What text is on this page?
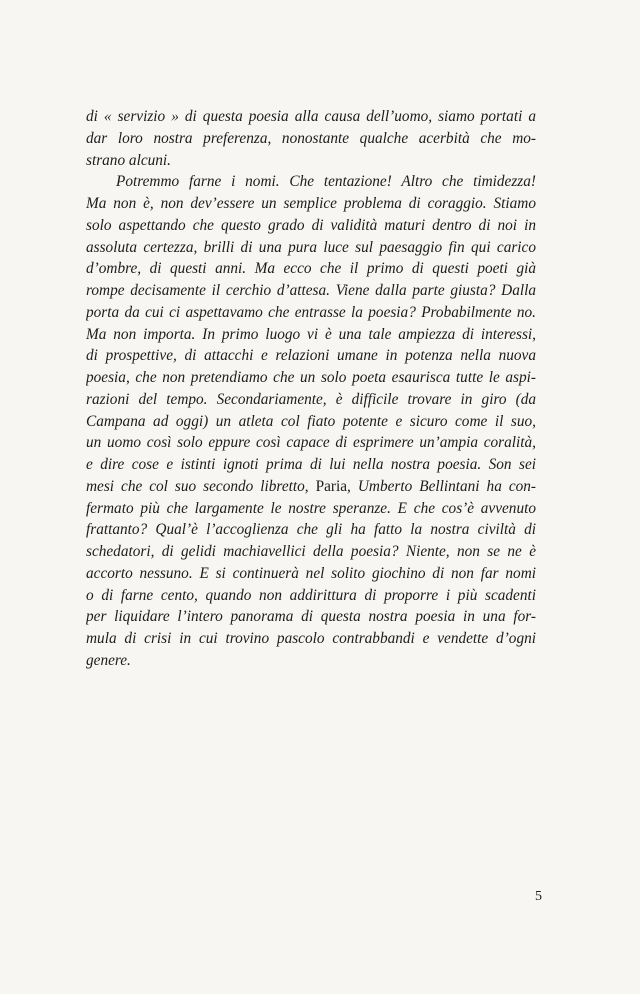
di « servizio » di questa poesia alla causa dell’uomo, siamo portati a
dar loro nostra preferenza, nonostante qualche acerbità che mo-
strano alcuni.
Potremmo farne i nomi. Che tentazione! Altro che timidezza!
Ma non è, non dev’essere un semplice problema di coraggio. Stiamo
solo aspettando che questo grado di validità maturi dentro di noi in
assoluta certezza, brilli di una pura luce sul paesaggio fin qui carico
d’ombre, di questi anni. Ma ecco che il primo di questi poeti già
rompe decisamente il cerchio d’attesa. Viene dalla parte giusta? Dalla
porta da cui ci aspettavamo che entrasse la poesia? Probabilmente no.
Ma non importa. In primo luogo vi è una tale ampiezza di interessi,
di prospettive, di attacchi e relazioni umane in potenza nella nuova
poesia, che non pretendiamo che un solo poeta esaurisca tutte le aspi-
razioni del tempo. Secondariamente, è difficile trovare in giro (da
Campana ad oggi) un atleta col fiato potente e sicuro come il suo,
un uomo così solo eppure così capace di esprimere un’ampia coralità,
e dire cose e istinti ignoti prima di lui nella nostra poesia. Son sei
mesi che col suo secondo libretto, Paria, Umberto Bellintani ha con-
fermato più che largamente le nostre speranze. E che cos’è avvenuto
frattanto? Qual’è l’accoglienza che gli ha fatto la nostra civiltà di
schedatori, di gelidi machiavellici della poesia? Niente, non se ne è
accorto nessuno. E si continuerà nel solito giochino di non far nomi
o di farne cento, quando non addirittura di proporre i più scadenti
per liquidare l’intero panorama di questa nostra poesia in una for-
mula di crisi in cui trovino pascolo contrabbandi e vendette d’ogni
genere.
5
